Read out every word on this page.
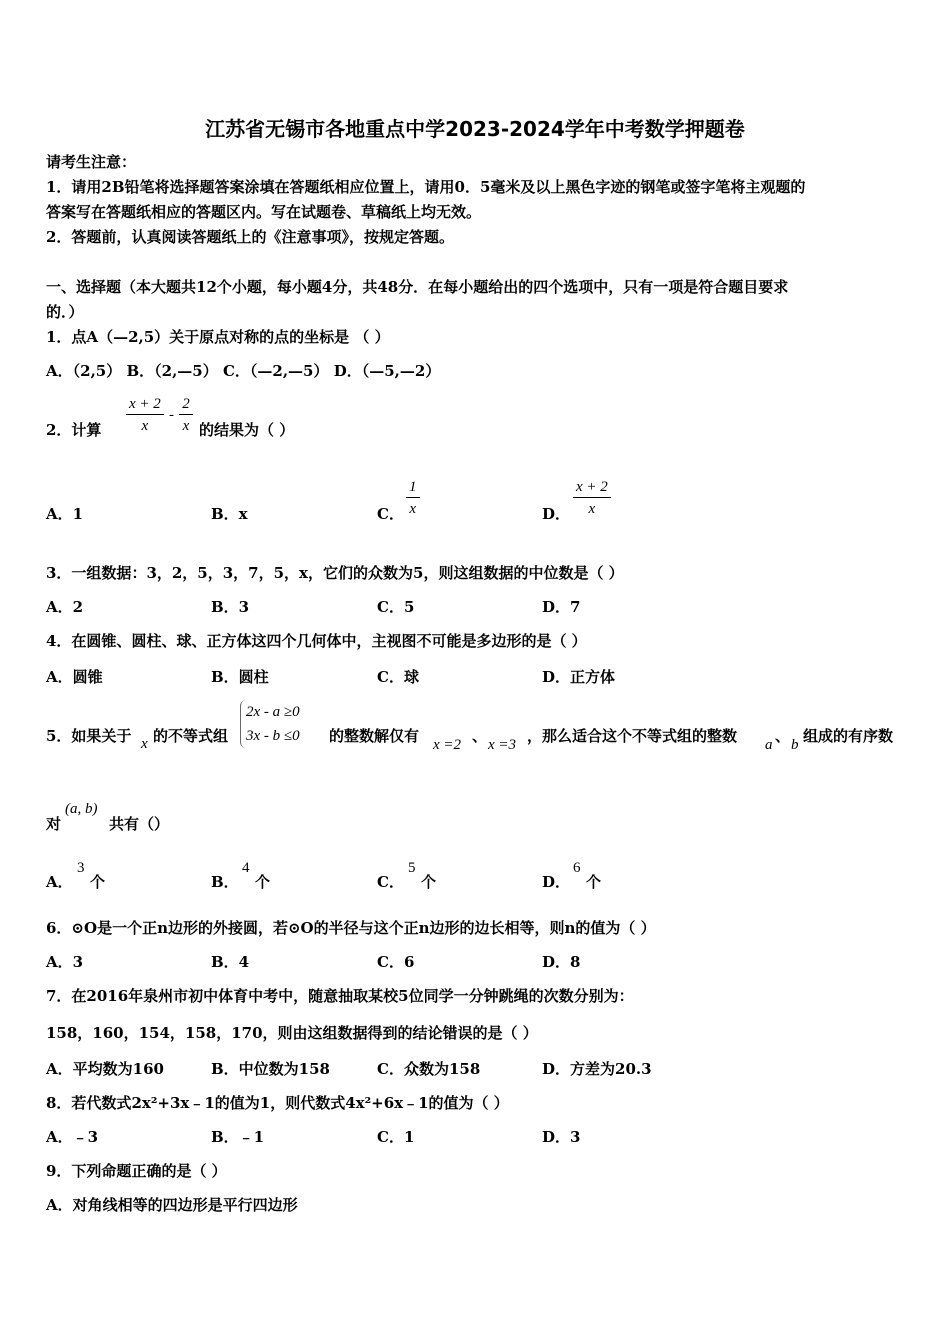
江苏省无锡市各地重点中学2023-2024学年中考数学押题卷
请考生注意：
1．请用2B铅笔将选择题答案涂填在答题纸相应位置上，请用0．5毫米及以上黑色字迹的钢笔或签字笔将主观题的
答案写在答题纸相应的答题区内。写在试题卷、草稿纸上均无效。
2．答题前，认真阅读答题纸上的《注意事项》，按规定答题。
一、选择题（本大题共12个小题，每小题4分，共48分．在每小题给出的四个选项中，只有一项是符合题目要求
的．）
1．点A（—2,5）关于原点对称的点的坐标是 （ ）
A．（2,5） B．（2,—5） C．（—2,—5） D．（—5,—2）
2．计算 $\frac{x + 2}{x} - \frac{2}{x}$ 的结果为（ ）
A．1	B．x	C． $\frac{1}{x}$	D． $\frac{x + 2}{x}$
3．一组数据：3，2，5，3，7，5，x，它们的众数为5，则这组数据的中位数是（ ）
A．2	B．3	C．5	D．7
4．在圆锥、圆柱、球、正方体这四个几何体中，主视图不可能是多边形的是（ ）
A．圆锥	B．圆柱	C．球	D．正方体
5．如果关于 x 的不等式组
2x - a ≥0
3x - b ≤0 的整数解仅有 x =2 、 x =3 ，那么适合这个不等式组的整数 a 、 b 组成的有序数
对
(a, b)
共有（）
A．
3
个	B．
4
个	C．
5
个	D．
6
个
6．⊙O是一个正n边形的外接圆，若⊙O的半径与这个正n边形的边长相等，则n的值为（ ）
A．3	B．4	C．6	D．8
7．在2016年泉州市初中体育中考中，随意抽取某校5位同学一分钟跳绳的次数分别为：
158，160，154，158，170，则由这组数据得到的结论错误的是（ ）
A．平均数为160	B．中位数为158	C．众数为158	D．方差为20.3
8．若代数式2x²+3x﹣1的值为1，则代数式4x²+6x﹣1的值为（ ）
A．﹣3	B．﹣1	C．1	D．3
9．下列命题正确的是（ ）
A．对角线相等的四边形是平行四边形
